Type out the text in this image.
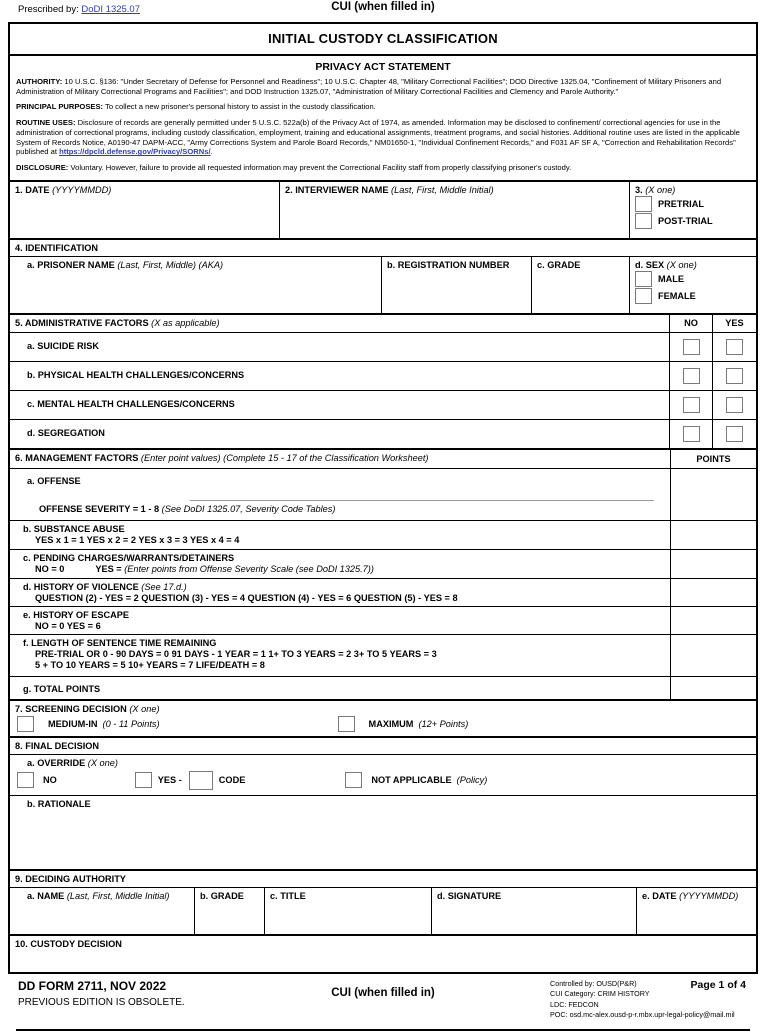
Prescribed by: DoDI 1325.07	CUI (when filled in)
INITIAL CUSTODY CLASSIFICATION
PRIVACY ACT STATEMENT

AUTHORITY: 10 U.S.C. §136: "Under Secretary of Defense for Personnel and Readiness"; 10 U.S.C. Chapter 48, "Military Correctional Facilities"; DOD Directive 1325.04, "Confinement of Military Prisoners and Administration of Military Correctional Programs and Facilities"; and DOD Instruction 1325.07, "Administration of Military Correctional Facilities and Clemency and Parole Authority."

PRINCIPAL PURPOSES: To collect a new prisoner's personal history to assist in the custody classification.

ROUTINE USES: Disclosure of records are generally permitted under 5 U.S.C. 522a(b) of the Privacy Act of 1974, as amended. Information may be disclosed to confinement/ correctional agencies for use in the administration of correctional programs, including custody classification, employment, training and educational assignments, treatment programs, and social histories. Additional routine uses are listed in the applicable System of Records Notice, A0190-47 DAPM-ACC, "Army Corrections System and Parole Board Records," NM01650-1, "Individual Confinement Records," and F031 AF SF A, "Correction and Rehabilitation Records" published at https://dpcld.defense.gov/Privacy/SORNs/.

DISCLOSURE: Voluntary. However, failure to provide all requested information may prevent the Correctional Facility staff from properly classifying prisoner's custody.

1. DATE (YYYYMMDD)	2. INTERVIEWER NAME (Last, First, Middle Initial)	3. (X one)
PRETRIAL
POST-TRIAL
4. IDENTIFICATION
a. PRISONER NAME (Last, First, Middle) (AKA)	b. REGISTRATION NUMBER	c. GRADE	d. SEX (X one)
MALE
FEMALE
5. ADMINISTRATIVE FACTORS (X as applicable)	NO	YES
a. SUICIDE RISK
b. PHYSICAL HEALTH CHALLENGES/CONCERNS
c. MENTAL HEALTH CHALLENGES/CONCERNS
d. SEGREGATION
6. MANAGEMENT FACTORS (Enter point values) (Complete 15 - 17 of the Classification Worksheet)	POINTS
a. OFFENSE
OFFENSE SEVERITY = 1 - 8 (See DoDI 1325.07, Severity Code Tables)
b. SUBSTANCE ABUSE
YES x 1 = 1 YES x 2 = 2 YES x 3 = 3 YES x 4 = 4
c. PENDING CHARGES/WARRANTS/DETAINERS
NO = 0	YES = (Enter points from Offense Severity Scale (see DoDI 1325.7))
d. HISTORY OF VIOLENCE (See 17.d.)
QUESTION (2) - YES = 2 QUESTION (3) - YES = 4 QUESTION (4) - YES = 6 QUESTION (5) - YES = 8
e. HISTORY OF ESCAPE
NO = 0 YES = 6
f. LENGTH OF SENTENCE TIME REMAINING
PRE-TRIAL OR 0 - 90 DAYS = 0 91 DAYS - 1 YEAR = 1 1+ TO 3 YEARS = 2 3+ TO 5 YEARS = 3
5 + TO 10 YEARS = 5 10+ YEARS = 7 LIFE/DEATH = 8
g. TOTAL POINTS
7. SCREENING DECISION (X one)
MEDIUM-IN (0 - 11 Points)	MAXIMUM (12+ Points)
8. FINAL DECISION
a. OVERRIDE (X one)
NO	YES -	CODE	NOT APPLICABLE (Policy)
b. RATIONALE
9. DECIDING AUTHORITY
a. NAME (Last, First, Middle Initial)	b. GRADE	c. TITLE	d. SIGNATURE	e. DATE (YYYYMMDD)
10. CUSTODY DECISION
DD FORM 2711, NOV 2022
PREVIOUS EDITION IS OBSOLETE.
CUI (when filled in)
Controlled by: OUSD(P&R)
CUI Category: CRIM HISTORY
LDC: FEDCON
POC: osd.mc-alex.ousd-p-r.mbx.upr-legal-policy@mail.mil
Page 1 of 4
